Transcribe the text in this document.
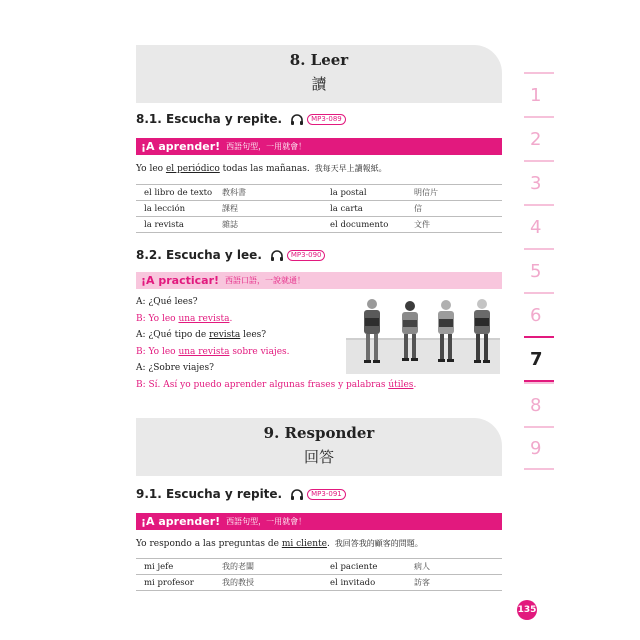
8. Leer
讀
8.1. Escucha y repite.	MP3-089
¡A aprender! 西語句型，一用就會！
Yo leo el periódico todas las mañanas. 我每天早上讀報紙。
el libro de texto	教科書	la postal	明信片
la lección	課程	la carta	信
la revista	雜誌	el documento	文件
8.2. Escucha y lee.	MP3-090
¡A practicar! 西語口語，一說就通！
A: ¿Qué lees?
B: Yo leo una revista.
A: ¿Qué tipo de revista lees?
B: Yo leo una revista sobre viajes.
A: ¿Sobre viajes?
B: Sí. Así yo puedo aprender algunas frases y palabras útiles.
9. Responder
回答
9.1. Escucha y repite.	MP3-091
¡A aprender! 西語句型，一用就會！
Yo respondo a las preguntas de mi cliente. 我回答我的顧客的問題。
mi jefe	我的老闆	el paciente	病人
mi profesor	我的教授	el invitado	訪客
1
2
3
4
5
6
7
8
9
135
